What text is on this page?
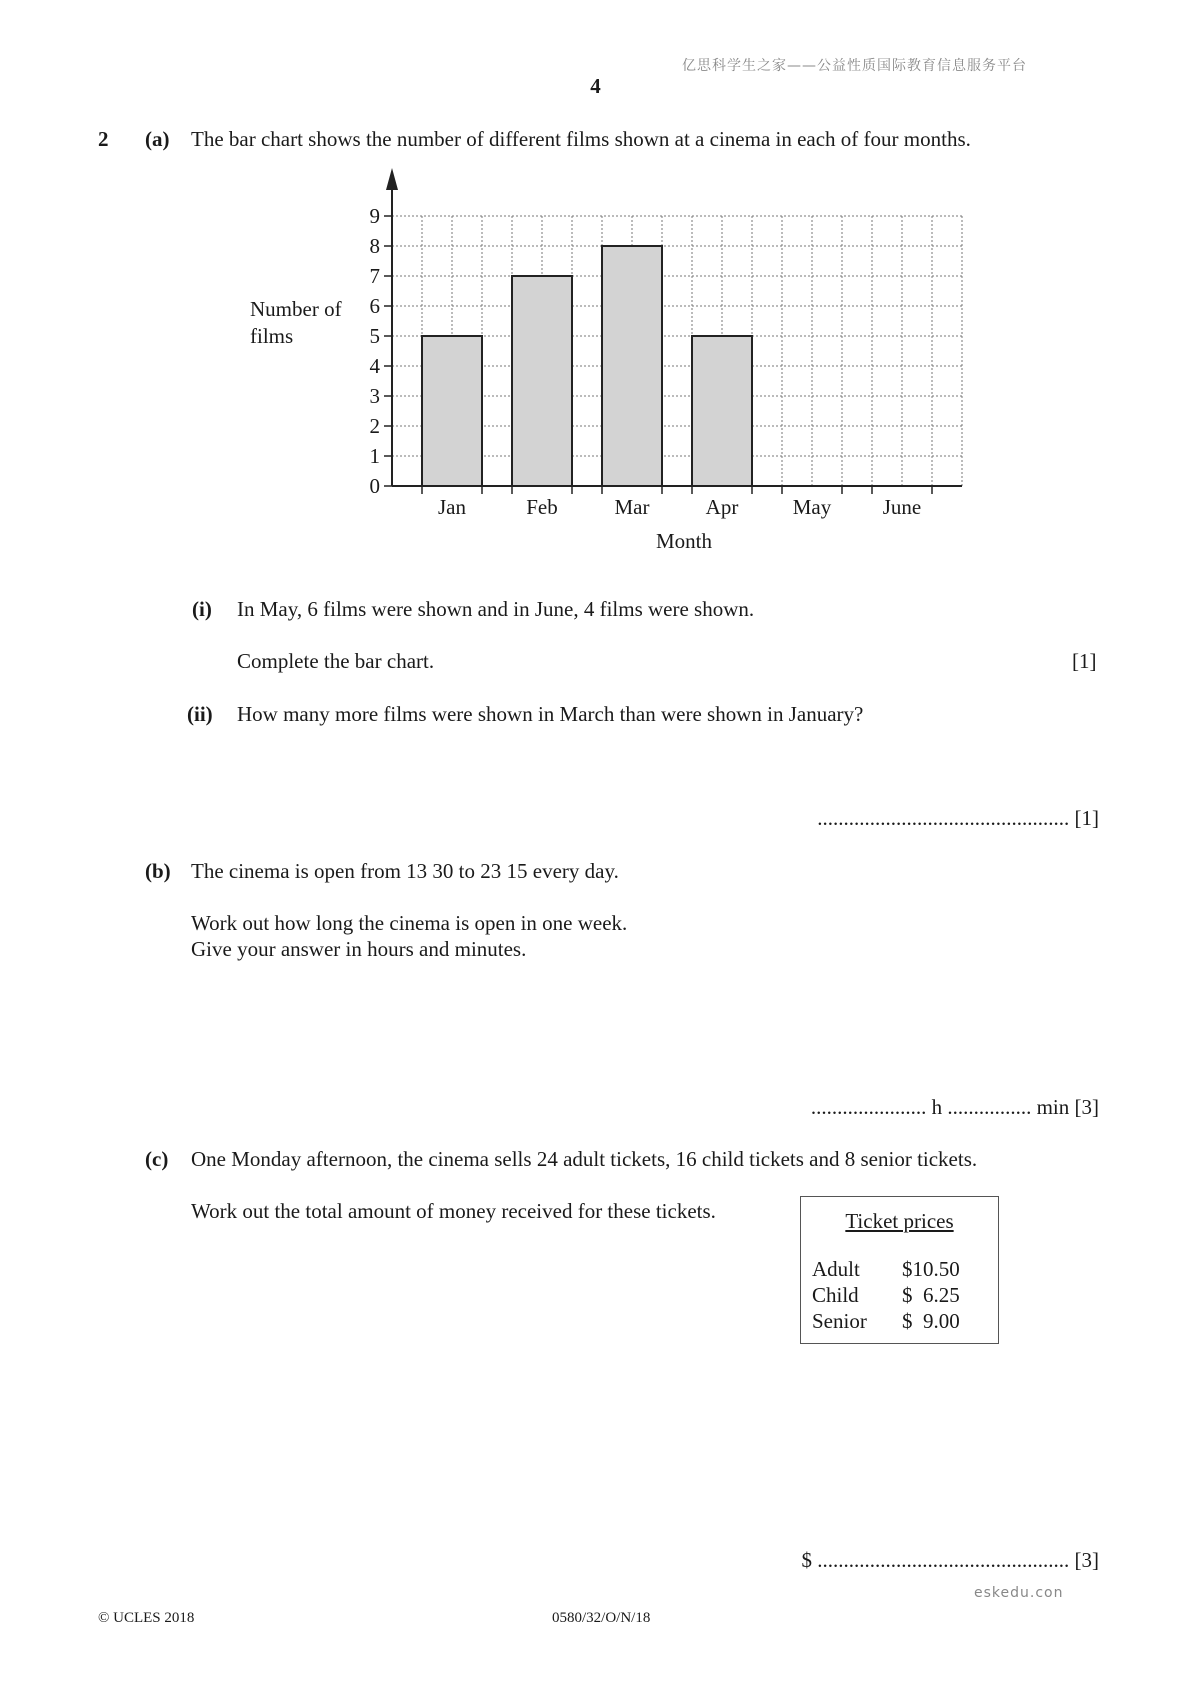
亿思科学生之家——公益性质国际教育信息服务平台
4
2 (a) The bar chart shows the number of different films shown at a cinema in each of four months.
Jan	Feb	Mar	Apr	May June
0
1
2
3
4
5
6
7
8
9
Number of
films
Month
(i) In May, 6 films were shown and in June, 4 films were shown.
Complete the bar chart.	[1]
(ii) How many more films were shown in March than were shown in January?
................................................ [1]
(b) The cinema is open from 13 30 to 23 15 every day.
Work out how long the cinema is open in one week.
Give your answer in hours and minutes.
...................... h ................ min [3]
(c) One Monday afternoon, the cinema sells 24 adult tickets, 16 child tickets and 8 senior tickets.
Work out the total amount of money received for these tickets.	Ticket prices
Adult $10.50
Child $  6.25
Senior $  9.00
$ ................................................ [3]
eskedu.con
© UCLES 2018	0580/32/O/N/18
